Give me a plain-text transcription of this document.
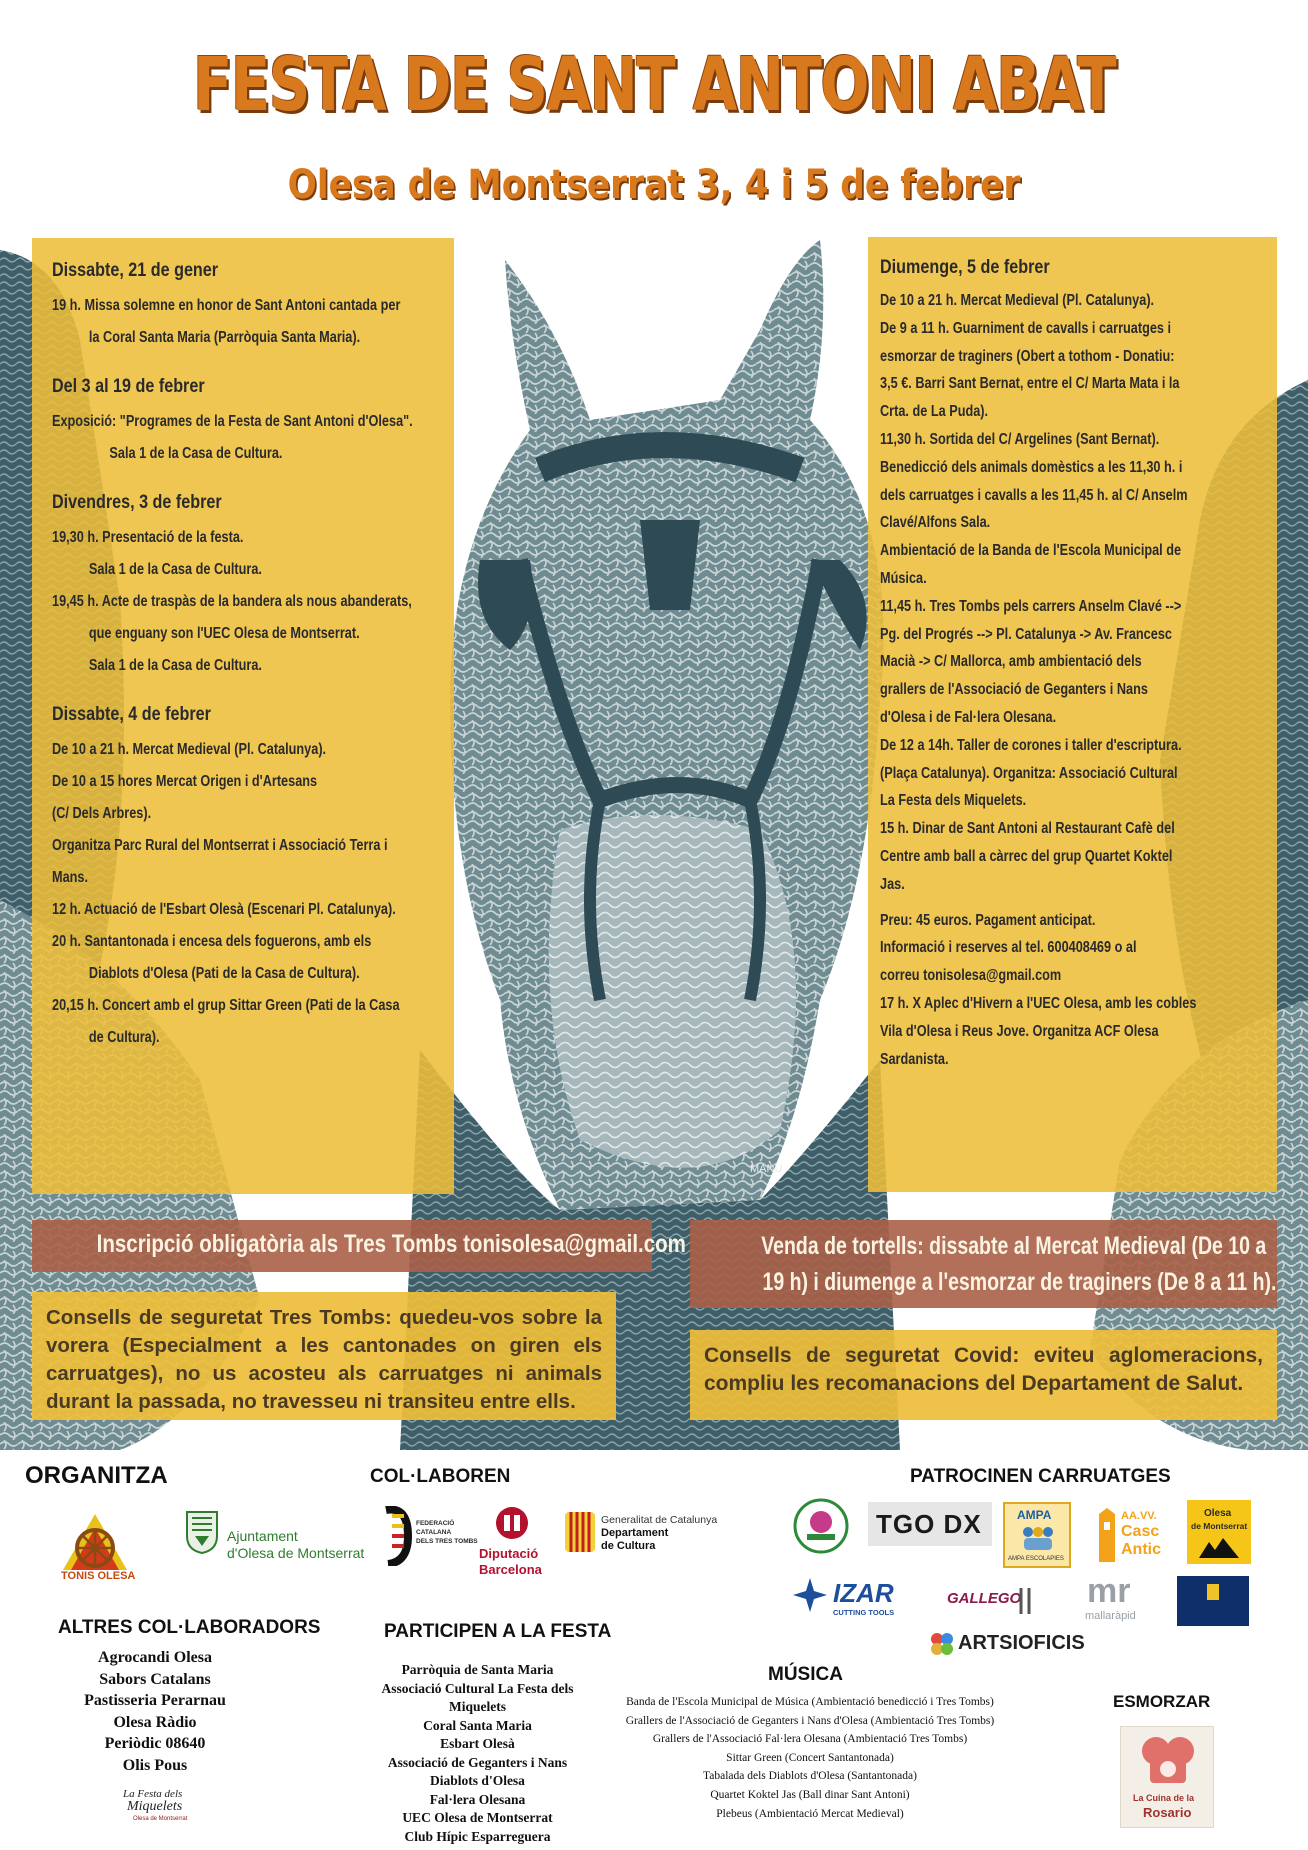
MANU
FESTA DE SANT ANTONI ABAT
Olesa de Montserrat 3, 4 i 5 de febrer
Dissabte, 21 de gener
19 h. Missa solemne en honor de Sant Antoni cantada per
la Coral Santa Maria (Parròquia Santa Maria).
Del 3 al 19 de febrer
Exposició: "Programes de la Festa de Sant Antoni d'Olesa".
Sala 1 de la Casa de Cultura.
Divendres, 3 de febrer
19,30 h. Presentació de la festa.
Sala 1 de la Casa de Cultura.
19,45 h. Acte de traspàs de la bandera als nous abanderats,
que enguany son l'UEC Olesa de Montserrat.
Sala 1 de la Casa de Cultura.
Dissabte, 4 de febrer
De 10 a 21 h. Mercat Medieval (Pl. Catalunya).
De 10 a 15 hores Mercat Origen i d'Artesans
(C/ Dels Arbres).
Organitza Parc Rural del Montserrat i Associació Terra i
Mans.
12 h. Actuació de l'Esbart Olesà (Escenari Pl. Catalunya).
20 h. Santantonada i encesa dels foguerons, amb els
Diablots d'Olesa (Pati de la Casa de Cultura).
20,15 h. Concert amb el grup Sittar Green (Pati de la Casa
de Cultura).
Diumenge, 5 de febrer
De 10 a 21 h. Mercat Medieval (Pl. Catalunya).
De 9 a 11 h. Guarniment de cavalls i carruatges i
esmorzar de traginers (Obert a tothom - Donatiu:
3,5 €. Barri Sant Bernat, entre el C/ Marta Mata i la
Crta. de La Puda).
11,30 h. Sortida del C/ Argelines (Sant Bernat).
Benedicció dels animals domèstics a les 11,30 h. i
dels carruatges i cavalls a les 11,45 h. al C/ Anselm
Clavé/Alfons Sala.
Ambientació de la Banda de l'Escola Municipal de
Música.
11,45 h. Tres Tombs pels carrers Anselm Clavé -->
Pg. del Progrés --> Pl. Catalunya -> Av. Francesc
Macià -> C/ Mallorca, amb ambientació dels
grallers de l'Associació de Geganters i Nans
d'Olesa i de Fal·lera Olesana.
De 12 a 14h. Taller de corones i taller d'escriptura.
(Plaça Catalunya). Organitza: Associació Cultural
La Festa dels Miquelets.
15 h. Dinar de Sant Antoni al Restaurant Cafè del
Centre amb ball a càrrec del grup Quartet Koktel
Jas.
Preu: 45 euros. Pagament anticipat.
Informació i reserves al tel. 600408469 o al
correu tonisolesa@gmail.com
17 h. X Aplec d'Hivern a l'UEC Olesa, amb les cobles
Vila d'Olesa i Reus Jove. Organitza ACF Olesa
Sardanista.
Inscripció obligatòria als Tres Tombs tonisolesa@gmail.com	Venda de tortells: dissabte al Mercat Medieval (De 10 a
19 h) i diumenge a l'esmorzar de traginers (De 8 a 11 h).
Consells de seguretat Tres Tombs: quedeu-vos sobre la vorera (Especialment a les cantonades on giren els carruatges), no us acosteu als carruatges ni animals durant la passada, no travesseu ni transiteu entre ells.
Consells de seguretat Covid: eviteu aglomeracions, compliu les recomanacions del Departament de Salut.
ORGANITZA	COL·LABOREN	PATROCINEN CARRUATGES
ALTRES COL·LABORADORS	PARTICIPEN A LA FESTA
MÚSICA
ESMORZAR
TONIS OLESA
Ajuntament
d'Olesa de Montserrat
FEDERACIÓ
CATALANA
DELS TRES TOMBS
Diputació
Barcelona
Generalitat de Catalunya
Departament
de Cultura
TGO DX	AMPA
AMPA ESCOLAPIES
AA.VV.
Casc
Antic
Olesa
de Montserrat
IZAR
CUTTING TOOLS
GALLEGO mr
mallaràpid
ARTSIOFICIS
Agrocandi Olesa
Sabors Catalans
Pastisseria Perarnau
Olesa Ràdio
Periòdic 08640
Olis Pous
Parròquia de Santa Maria
Associació Cultural La Festa dels
Miquelets
Coral Santa Maria
Esbart Olesà
Associació de Geganters i Nans
Diablots d'Olesa
Fal·lera Olesana
UEC Olesa de Montserrat
Club Hípic Esparreguera
Banda de l'Escola Municipal de Música (Ambientació benedicció i Tres Tombs)
Grallers de l'Associació de Geganters i Nans d'Olesa (Ambientació Tres Tombs)
Grallers de l'Associació Fal·lera Olesana (Ambientació Tres Tombs)
Sittar Green (Concert Santantonada)
Tabalada dels Diablots d'Olesa (Santantonada)
Quartet Koktel Jas (Ball dinar Sant Antoni)
Plebeus (Ambientació Mercat Medieval)
La Festa dels
Miquelets
Olesa de Montserrat
La Cuina de la
Rosario
